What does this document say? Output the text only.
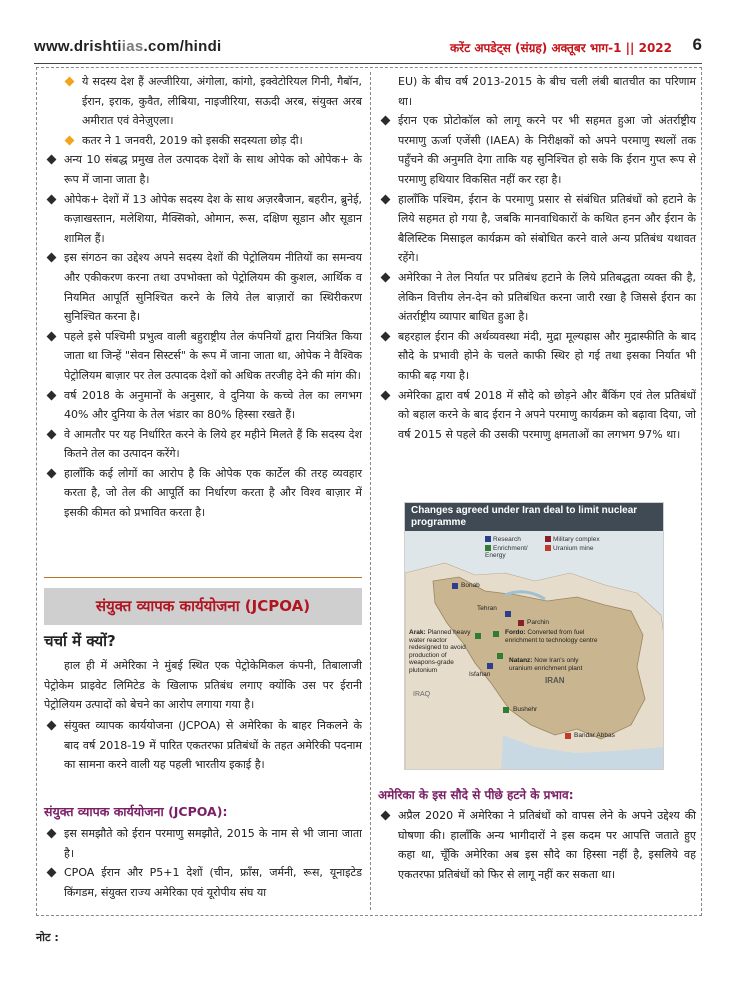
www.drishtiias.com/hindi	करेंट अपडेट्स (संग्रह) अक्तूबर भाग-1 || 2022 6
ये सदस्य देश हैं अल्जीरिया, अंगोला, कांगो, इक्वेटोरियल गिनी, गैबॉन, ईरान, इराक, कुवैत, लीबिया, नाइजीरिया, सऊदी अरब, संयुक्त अरब अमीरात एवं वेनेज़ुएला।
कतर ने 1 जनवरी, 2019 को इसकी सदस्यता छोड़ दी।
अन्य 10 संबद्ध प्रमुख तेल उत्पादक देशों के साथ ओपेक को ओपेक+ के रूप में जाना जाता है।
ओपेक+ देशों में 13 ओपेक सदस्य देश के साथ अज़रबैजान, बहरीन, ब्रुनेई, कज़ाखस्तान, मलेशिया, मैक्सिको, ओमान, रूस, दक्षिण सूडान और सूडान शामिल हैं।
इस संगठन का उद्देश्य अपने सदस्य देशों की पेट्रोलियम नीतियों का समन्वय और एकीकरण करना तथा उपभोक्ता को पेट्रोलियम की कुशल, आर्थिक व नियमित आपूर्ति सुनिश्चित करने के लिये तेल बाज़ारों का स्थिरीकरण सुनिश्चित करना है।
पहले इसे पश्चिमी प्रभुत्व वाली बहुराष्ट्रीय तेल कंपनियों द्वारा नियंत्रित किया जाता था जिन्हें "सेवन सिस्टर्स" के रूप में जाना जाता था, ओपेक ने वैश्विक पेट्रोलियम बाज़ार पर तेल उत्पादक देशों को अधिक तरजीह देने की मांग की।
वर्ष 2018 के अनुमानों के अनुसार, वे दुनिया के कच्चे तेल का लगभग 40% और दुनिया के तेल भंडार का 80% हिस्सा रखते हैं।
वे आमतौर पर यह निर्धारित करने के लिये हर महीने मिलते हैं कि सदस्य देश कितने तेल का उत्पादन करेंगे।
हालाँकि कई लोगों का आरोप है कि ओपेक एक कार्टेल की तरह व्यवहार करता है, जो तेल की आपूर्ति का निर्धारण करता है और विश्व बाज़ार में इसकी कीमत को प्रभावित करता है।
संयुक्त व्यापक कार्ययोजना (JCPOA)
चर्चा में क्यों?
हाल ही में अमेरिका ने मुंबई स्थित एक पेट्रोकेमिकल कंपनी, तिबालाजी पेट्रोकेम प्राइवेट लिमिटेड के खिलाफ प्रतिबंध लगाए क्योंकि उस पर ईरानी पेट्रोलियम उत्पादों को बेचने का आरोप लगाया गया है।
संयुक्त व्यापक कार्ययोजना (JCPOA) से अमेरिका के बाहर निकलने के बाद वर्ष 2018-19 में पारित एकतरफा प्रतिबंधों के तहत अमेरिकी पदनाम का सामना करने वाली यह पहली भारतीय इकाई है।
संयुक्त व्यापक कार्ययोजना (JCPOA):
इस समझौते को ईरान परमाणु समझौते, 2015 के नाम से भी जाना जाता है।
CPOA ईरान और P5+1 देशों (चीन, फ्राँस, जर्मनी, रूस, यूनाइटेड किंगडम, संयुक्त राज्य अमेरिका एवं यूरोपीय संघ या
EU) के बीच वर्ष 2013-2015 के बीच चली लंबी बातचीत का परिणाम था।
ईरान एक प्रोटोकॉल को लागू करने पर भी सहमत हुआ जो अंतर्राष्ट्रीय परमाणु ऊर्जा एजेंसी (IAEA) के निरीक्षकों को अपने परमाणु स्थलों तक पहुँचने की अनुमति देगा ताकि यह सुनिश्चित हो सके कि ईरान गुप्त रूप से परमाणु हथियार विकसित नहीं कर रहा है।
हालाँकि पश्चिम, ईरान के परमाणु प्रसार से संबंधित प्रतिबंधों को हटाने के लिये सहमत हो गया है, जबकि मानवाधिकारों के कथित हनन और ईरान के बैलिस्टिक मिसाइल कार्यक्रम को संबोधित करने वाले अन्य प्रतिबंध यथावत रहेंगे।
अमेरिका ने तेल निर्यात पर प्रतिबंध हटाने के लिये प्रतिबद्धता व्यक्त की है, लेकिन वित्तीय लेन-देन को प्रतिबंधित करना जारी रखा है जिससे ईरान का अंतर्राष्ट्रीय व्यापार बाधित हुआ है।
बहरहाल ईरान की अर्थव्यवस्था मंदी, मुद्रा मूल्यह्रास और मुद्रास्फीति के बाद सौदे के प्रभावी होने के चलते काफी स्थिर हो गई तथा इसका निर्यात भी काफी बढ़ गया है।
अमेरिका द्वारा वर्ष 2018 में सौदे को छोड़ने और बैंकिंग एवं तेल प्रतिबंधों को बहाल करने के बाद ईरान ने अपने परमाणु कार्यक्रम को बढ़ावा दिया, जो वर्ष 2015 से पहले की उसकी परमाणु क्षमताओं का लगभग 97% था।
Changes agreed under Iran deal to limit nuclear programme
Research	Military complex
Enrichment/ Energy
Uranium mine
Bonab
Tehran
Parchin
Arak: Planned heavy water reactor redesigned to avoid production of weapons-grade plutonium
Fordo: Converted from fuel enrichment to technology centre
Natanz: Now Iran's only uranium enrichment plant
Isfahan
IRAN
IRAQ
Bushehr
Bandar Abbas
अमेरिका के इस सौदे से पीछे हटने के प्रभाव:
अप्रैल 2020 में अमेरिका ने प्रतिबंधों को वापस लेने के अपने उद्देश्य की घोषणा की। हालाँकि अन्य भागीदारों ने इस कदम पर आपत्ति जताते हुए कहा था, चूँकि अमेरिका अब इस सौदे का हिस्सा नहीं है, इसलिये वह एकतरफा प्रतिबंधों को फिर से लागू नहीं कर सकता था।
नोट :
